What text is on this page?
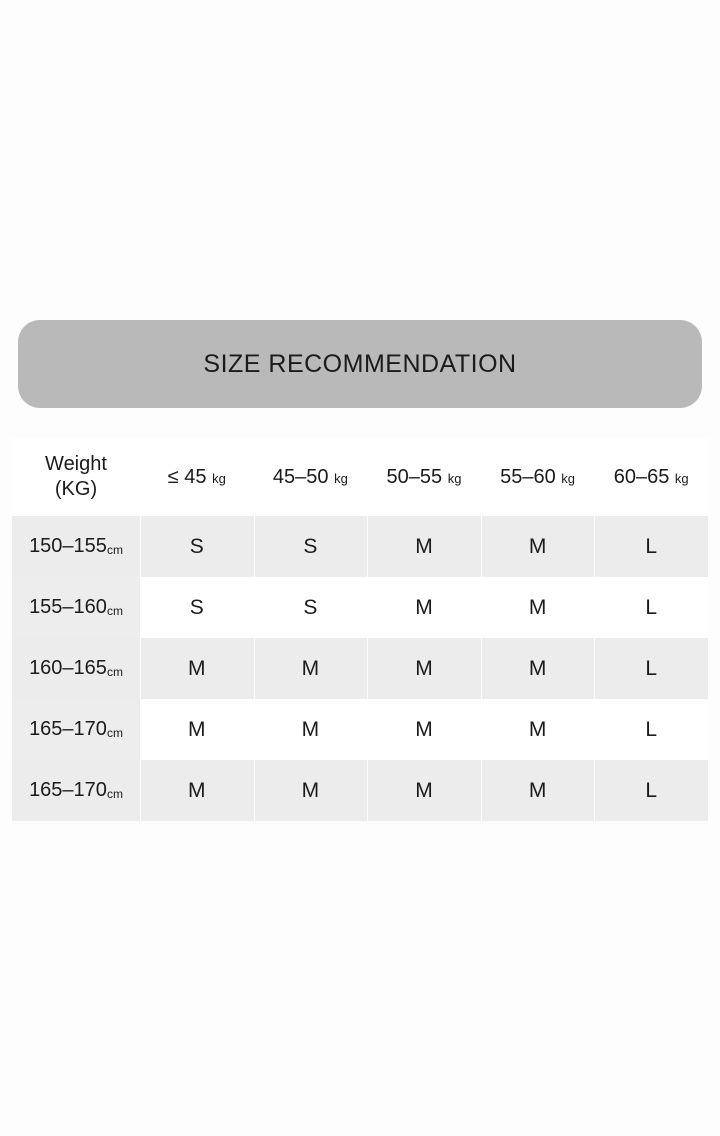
SIZE RECOMMENDATION
Weight
(KG)	≤ 45 kg	45–50 kg	50–55 kg	55–60 kg	60–65 kg
150–155cm	S	S	M	M	L
155–160cm	S	S	M	M	L
160–165cm	M	M	M	M	L
165–170cm	M	M	M	M	L
165–170cm	M	M	M	M	L
